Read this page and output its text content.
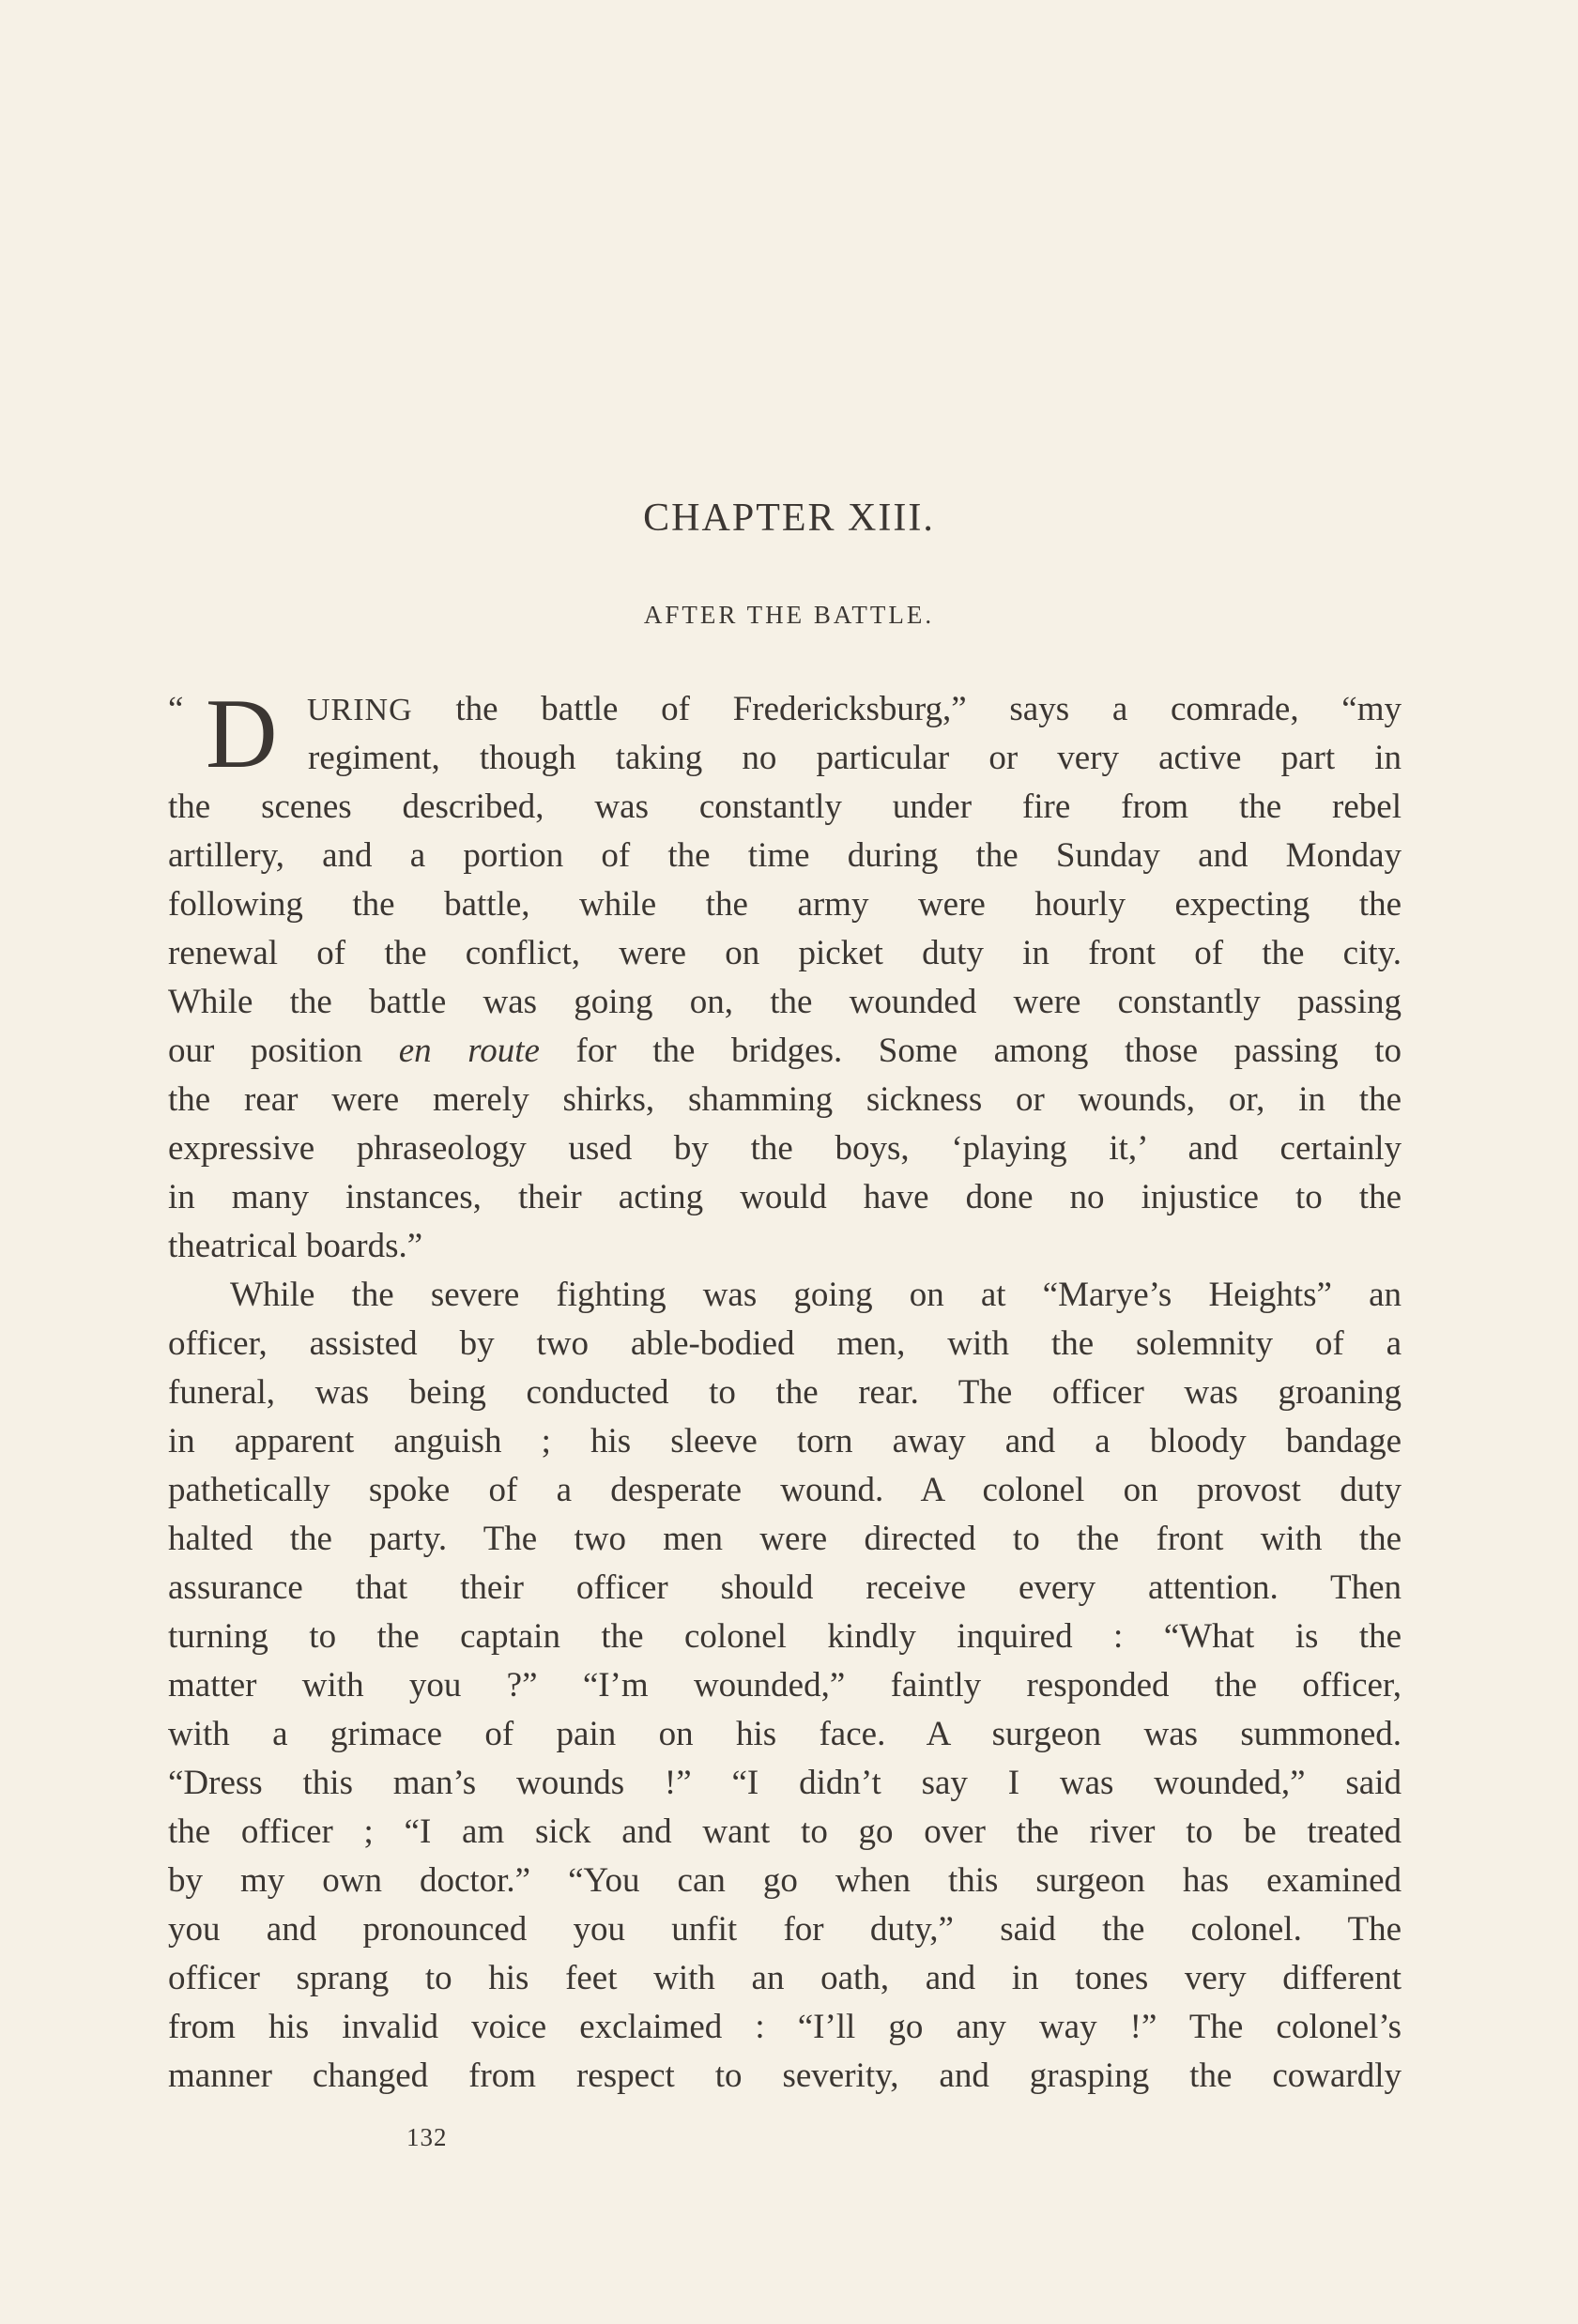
CHAPTER XIII.
AFTER THE BATTLE.
“ D URING the battle of Fredericksburg,” says a comrade, “my
regiment, though taking no particular or very active part in
the scenes described, was constantly under fire from the rebel
artillery, and a portion of the time during the Sunday and Monday
following the battle, while the army were hourly expecting the
renewal of the conflict, were on picket duty in front of the city.
While the battle was going on, the wounded were constantly passing
our position en route for the bridges. Some among those passing to
the rear were merely shirks, shamming sickness or wounds, or, in the
expressive phraseology used by the boys, ‘playing it,’ and certainly
in many instances, their acting would have done no injustice to the
theatrical boards.”
While the severe fighting was going on at “Marye’s Heights” an
officer, assisted by two able-bodied men, with the solemnity of a
funeral, was being conducted to the rear. The officer was groaning
in apparent anguish ; his sleeve torn away and a bloody bandage
pathetically spoke of a desperate wound. A colonel on provost duty
halted the party. The two men were directed to the front with the
assurance that their officer should receive every attention. Then
turning to the captain the colonel kindly inquired : “What is the
matter with you ?” “I’m wounded,” faintly responded the officer,
with a grimace of pain on his face. A surgeon was summoned.
“Dress this man’s wounds !” “I didn’t say I was wounded,” said
the officer ; “I am sick and want to go over the river to be treated
by my own doctor.” “You can go when this surgeon has examined
you and pronounced you unfit for duty,” said the colonel. The
officer sprang to his feet with an oath, and in tones very different
from his invalid voice exclaimed : “I’ll go any way !” The colonel’s
manner changed from respect to severity, and grasping the cowardly
132
